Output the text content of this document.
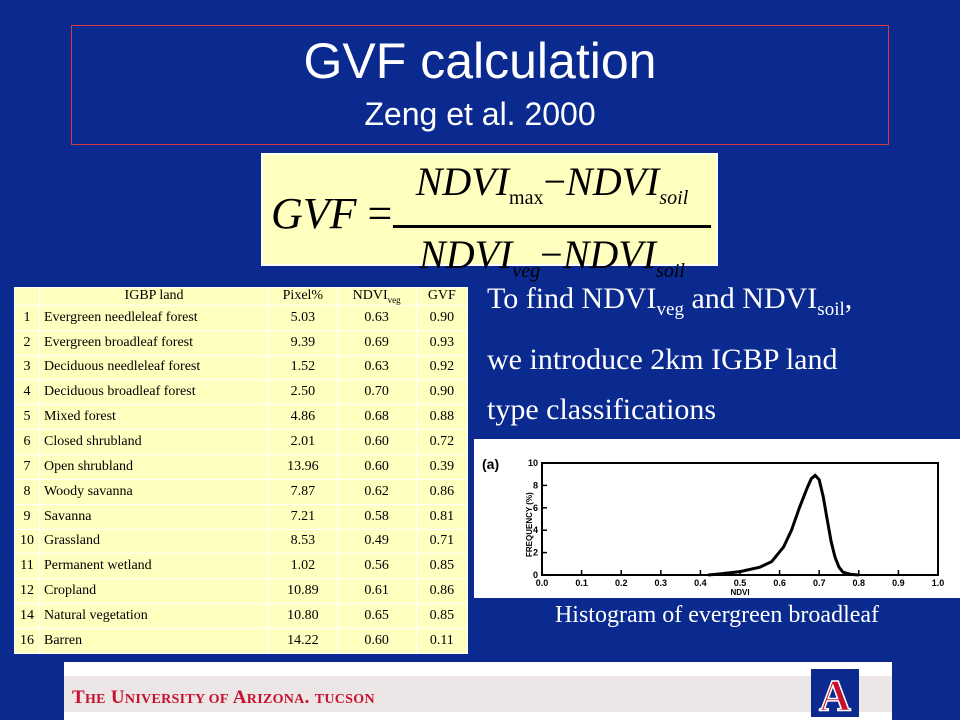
GVF calculation
Zeng et al. 2000
GVF =
$NDVI_{max}-NDVI_{soil}$
$NDVI_{veg}-NDVI_{soil}$
	IGBP land	Pixel%	$NDVI_{veg}$	GVF
1	Evergreen needleleaf forest	5.03	0.63	0.90
2	Evergreen broadleaf forest	9.39	0.69	0.93
3	Deciduous needleleaf forest	1.52	0.63	0.92
4	Deciduous broadleaf forest	2.50	0.70	0.90
5	Mixed forest	4.86	0.68	0.88
6	Closed shrubland	2.01	0.60	0.72
7	Open shrubland	13.96	0.60	0.39
8	Woody savanna	7.87	0.62	0.86
9	Savanna	7.21	0.58	0.81
10	Grassland	8.53	0.49	0.71
11	Permanent wetland	1.02	0.56	0.85
12	Cropland	10.89	0.61	0.86
14	Natural vegetation	10.80	0.65	0.85
16	Barren	14.22	0.60	0.11
To find $NDVI_{veg}$ and $NDVI_{soil}$,
we introduce 2km IGBP land
type classifications
(a)
FREQUENCY (%)
NDVI
0
2
4
6
8
10
0.0	0.1	0.2	0.3	0.4	0.5	0.6	0.7	0.8	0.9	1.0
Histogram of evergreen broadleaf
THE UNIVERSITY OF ARIZONA. TUCSON	A
